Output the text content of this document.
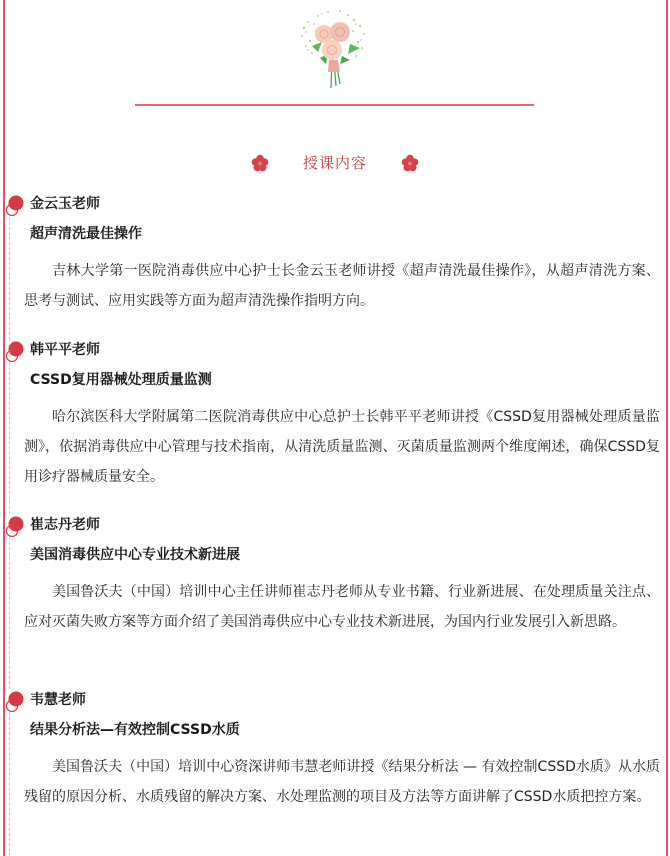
授课内容
金云玉老师
超声清洗最佳操作
吉林大学第一医院消毒供应中心护士长金云玉老师讲授《超声清洗最佳操作》，从超声清洗方案、思考与测试、应用实践等方面为超声清洗操作指明方向。
韩平平老师
CSSD复用器械处理质量监测
哈尔滨医科大学附属第二医院消毒供应中心总护士长韩平平老师讲授《CSSD复用器械处理质量监测》，依据消毒供应中心管理与技术指南，从清洗质量监测、灭菌质量监测两个维度阐述，确保CSSD复用诊疗器械质量安全。
崔志丹老师
美国消毒供应中心专业技术新进展
美国鲁沃夫（中国）培训中心主任讲师崔志丹老师从专业书籍、行业新进展、在处理质量关注点、应对灭菌失败方案等方面介绍了美国消毒供应中心专业技术新进展，为国内行业发展引入新思路。
韦慧老师
结果分析法—有效控制CSSD水质
美国鲁沃夫（中国）培训中心资深讲师韦慧老师讲授《结果分析法 — 有效控制CSSD水质》从水质残留的原因分析、水质残留的解决方案、水处理监测的项目及方法等方面讲解了CSSD水质把控方案。
